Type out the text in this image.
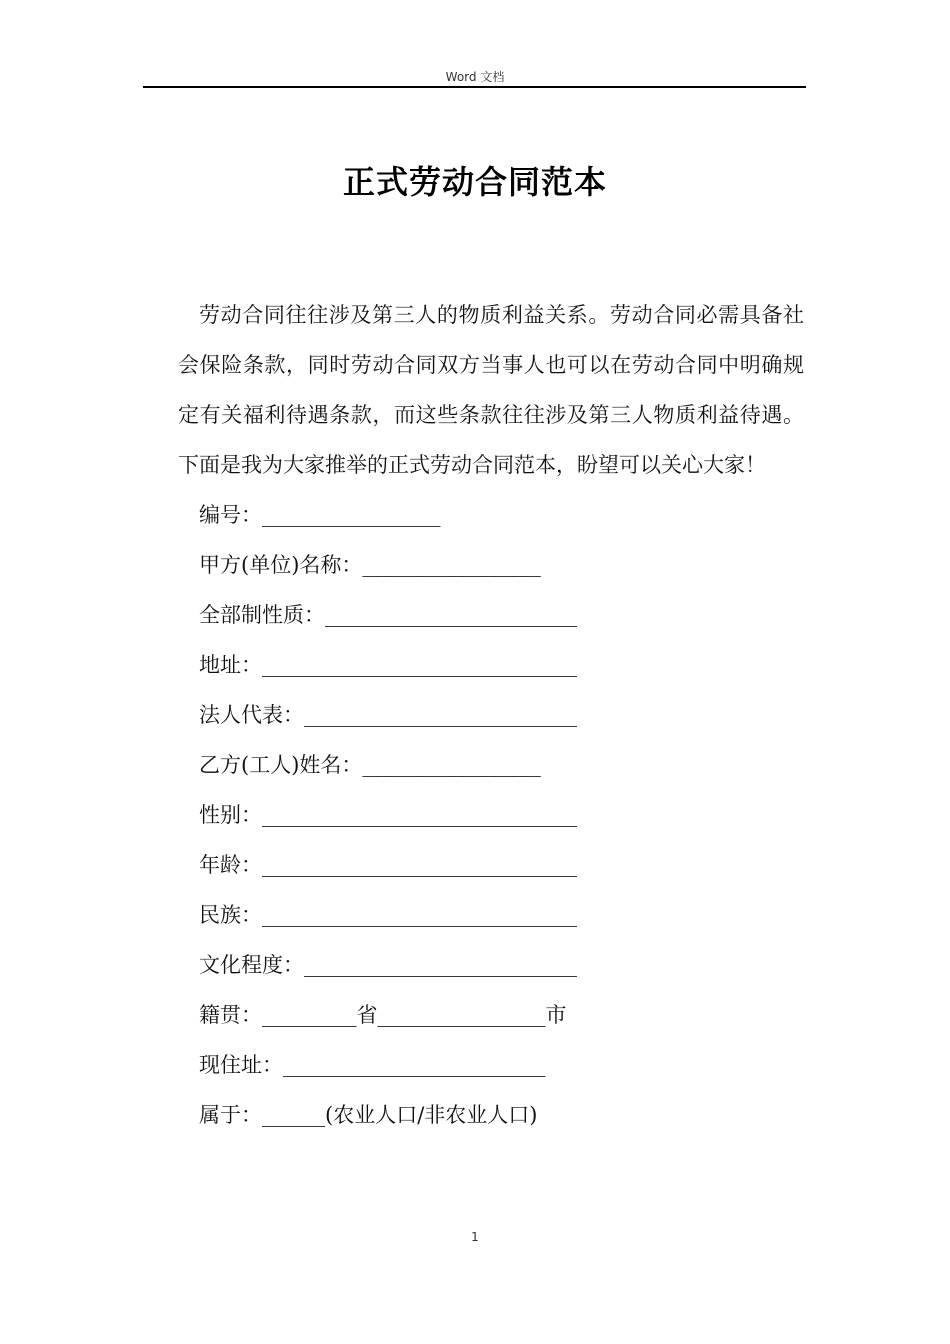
Word 文档
正式劳动合同范本

劳动合同往往涉及第三人的物质利益关系。劳动合同必需具备社会保险条款，同时劳动合同双方当事人也可以在劳动合同中明确规定有关福利待遇条款，而这些条款往往涉及第三人物质利益待遇。下面是我为大家推举的正式劳动合同范本，盼望可以关心大家！

编号：_________________

甲方(单位)名称：_________________

全部制性质：________________________

地址：______________________________

法人代表：__________________________

乙方(工人)姓名：_________________

性别：______________________________

年龄：______________________________

民族：______________________________

文化程度：__________________________

籍贯：_________省________________市

现住址：_________________________

属于：______(农业人口/非农业人口)

1
